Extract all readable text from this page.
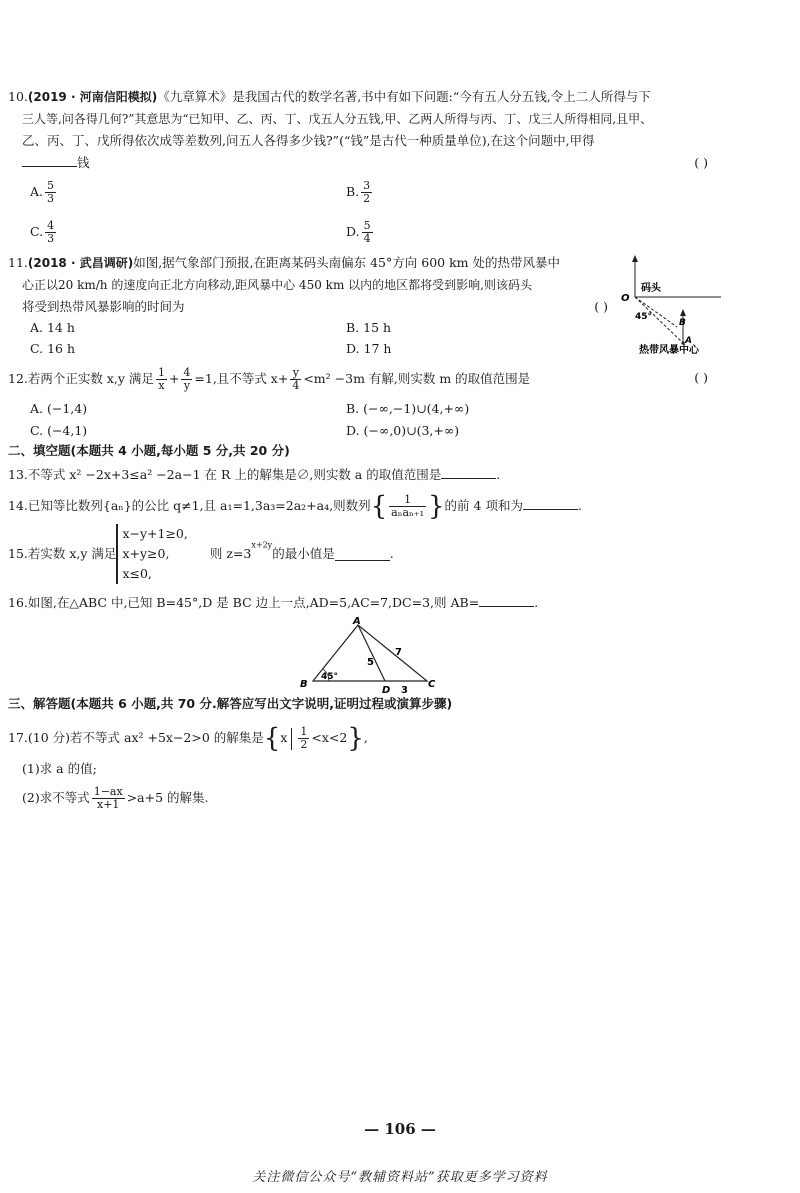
10.(2019 · 河南信阳模拟)《九章算术》是我国古代的数学名著,书中有如下问题:“今有五人分五钱,令上二人所得与下
三人等,问各得几何?”其意思为“已知甲、乙、丙、丁、戊五人分五钱,甲、乙两人所得与丙、丁、戊三人所得相同,且甲、
乙、丙、丁、戊所得依次成等差数列,问五人各得多少钱?”(“钱”是古代一种质量单位),在这个问题中,甲得
钱	( )
A. $\frac{5}{3}$	B. $\frac{3}{2}$
C. $\frac{4}{3}$	D. $\frac{5}{4}$
11.(2018 · 武昌调研)如图,据气象部门预报,在距离某码头南偏东 45°方向 600 km 处的热带风暴中
心正以20 km/h 的速度向正北方向移动,距风暴中心 450 km 以内的地区都将受到影响,则该码头
将受到热带风暴影响的时间为	( )
A. 14 h	B. 15 h
C. 16 h	D. 17 h
码头
O
45°
B
A
热带风暴中心
12.若两个正实数 x,y 满足 $\frac{1}{x} + \frac{4}{y} =1$,且不等式 $x+ \frac{y}{4} <m^2 -3m$ 有解,则实数 m 的取值范围是	( )
A. (−1,4)	B. (−∞,−1)∪(4,+∞)
C. (−4,1)	D. (−∞,0)∪(3,+∞)
二、填空题(本题共 4 小题,每小题 5 分,共 20 分)
13.不等式 x² −2x+3≤a² −2a−1 在 R 上的解集是∅,则实数 a 的取值范围是	.
14.已知等比数列{aₙ}的公比 q≠1,且 a₁=1,3a₃=2a₂+a₄,则数列{ $\frac{1}{\text{aₙaₙ₊₁}}$ }的前 4 项和为	.
15.若实数 x,y 满足
x−y+1≥0,
x+y≥0,
x≤0,
则 $z=3^{x+2y}$的最小值是	.
16.如图,在△ABC 中,已知 B=45°,D 是 BC 边上一点,AD=5,AC=7,DC=3,则 AB=	.
A
B	C
D
45°
5
7
3
三、解答题(本题共 6 小题,共 70 分.解答应写出文字说明,证明过程或演算步骤)
17.(10 分)若不等式 ax² +5x−2>0 的解集是$\{x \frac{1}{2} <x<2\}$,
(1)求 a 的值;
(2)求不等式 $\frac{1-ax}{x+1} >a+5$ 的解集.
— 106 —
关注微信公众号“教辅资料站”获取更多学习资料
